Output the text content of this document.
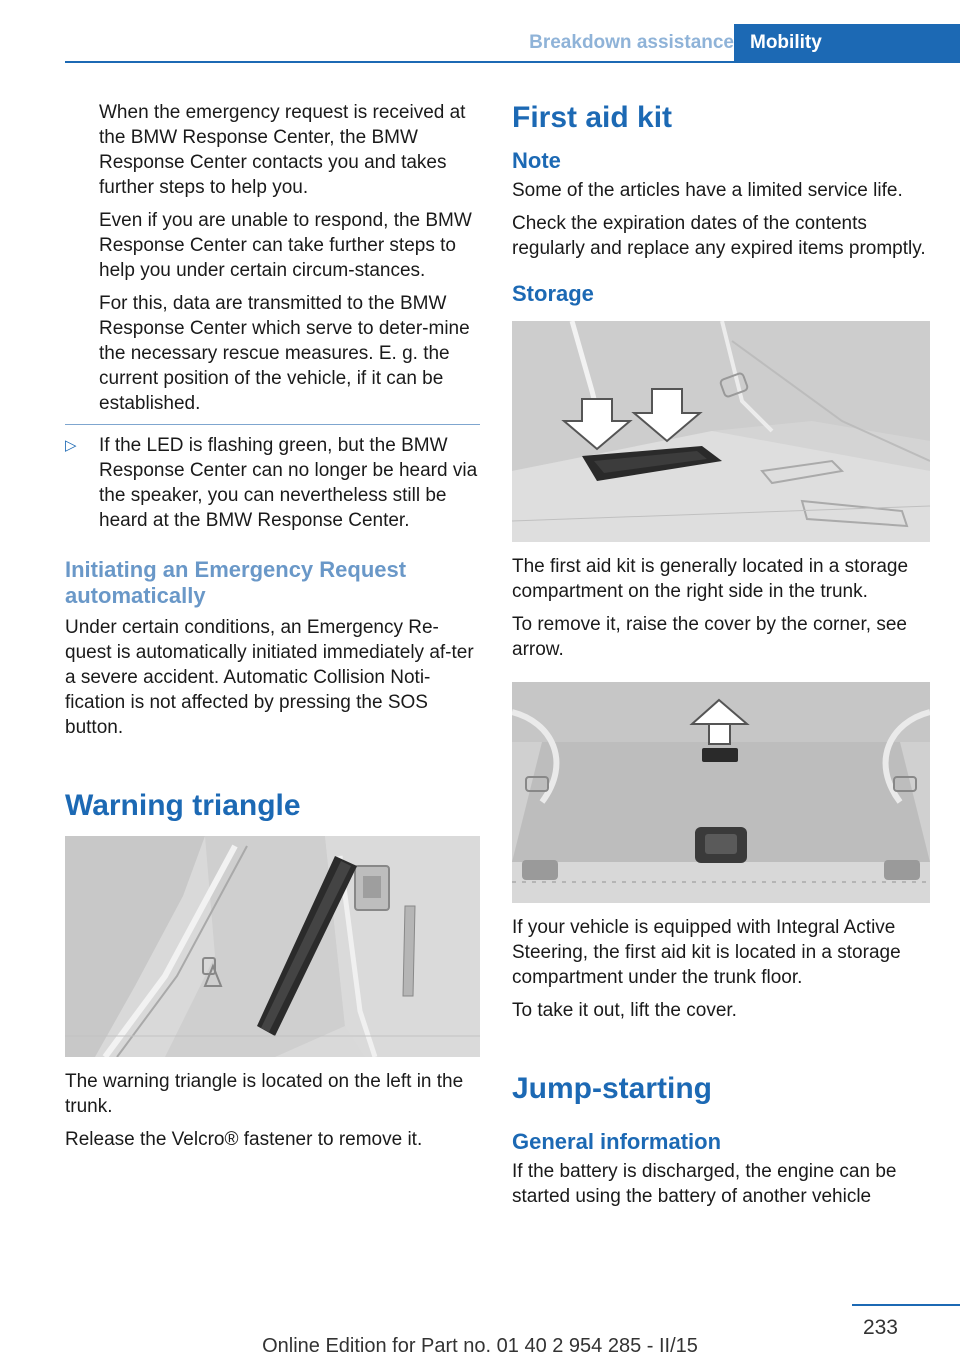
Breakdown assistance Mobility

When the emergency request is received at the BMW Response Center, the BMW Response Center contacts you and takes further steps to help you.

Even if you are unable to respond, the BMW Response Center can take further steps to help you under certain circum-stances.

For this, data are transmitted to the BMW Response Center which serve to deter-mine the necessary rescue measures. E. g. the current position of the vehicle, if it can be established.

▷ If the LED is flashing green, but the BMW Response Center can no longer be heard via the speaker, you can nevertheless still be heard at the BMW Response Center.

Initiating an Emergency Request automatically

Under certain conditions, an Emergency Re-quest is automatically initiated immediately af-ter a severe accident. Automatic Collision Noti-fication is not affected by pressing the SOS button.

Warning triangle

The warning triangle is located on the left in the trunk.

Release the Velcro® fastener to remove it.

First aid kit
Note

Some of the articles have a limited service life.

Check the expiration dates of the contents regularly and replace any expired items promptly.

Storage

The first aid kit is generally located in a storage compartment on the right side in the trunk.

To remove it, raise the cover by the corner, see arrow.

If your vehicle is equipped with Integral Active Steering, the first aid kit is located in a storage compartment under the trunk floor.

To take it out, lift the cover.

Jump-starting
General information

If the battery is discharged, the engine can be started using the battery of another vehicle

233
Online Edition for Part no. 01 40 2 954 285 - II/15
